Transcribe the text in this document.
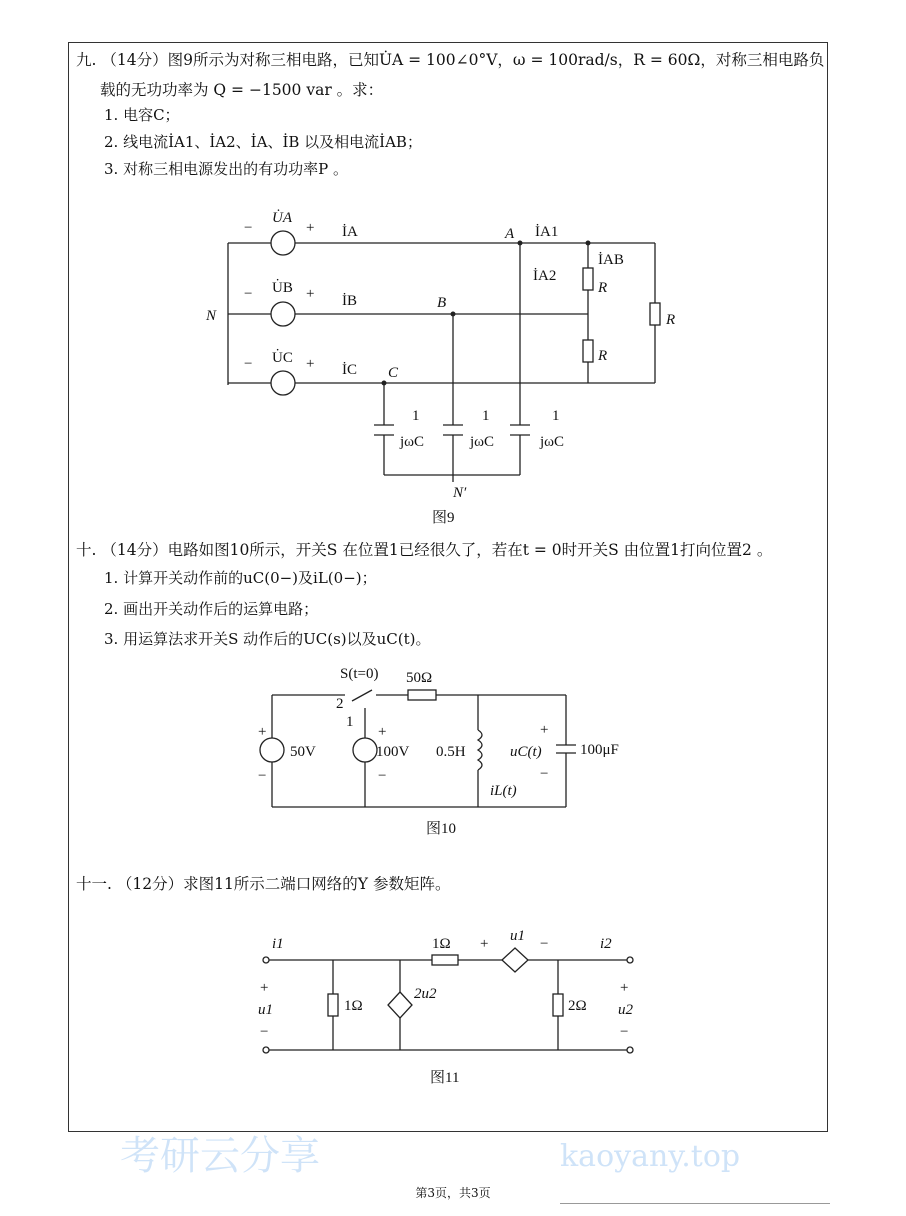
九. （14分）图9所示为对称三相电路，已知U̇A = 100∠0°V，ω = 100rad/s，R = 60Ω，对称三相电路负
载的无功功率为 Q = −1500 var 。求：
1. 电容C；
2. 线电流İA1、İA2、İA、İB 以及相电流İAB；
3. 对称三相电源发出的有功功率P 。
−
U̇A
+
− U̇B +
− U̇C +
İA
İB
İC
N
A
B
C
İA1
İA2
İAB
R
R
R
1
jωC
1
jωC
1
jωC
N′
图9
S(t=0)
2
1
50Ω
+
50V
−
+
100V
−
0.5H	uC(t)
+
−
100μF
iL(t)
图10
i1	i2
+
u1
−
+
u2
−
1Ω
1Ω
2Ω
2u2
+ u1 −
图11
十. （14分）电路如图10所示，开关S 在位置1已经很久了，若在t = 0时开关S 由位置1打向位置2 。
1. 计算开关动作前的uC(0−)及iL(0−)；
2. 画出开关动作后的运算电路；
3. 用运算法求开关S 动作后的UC(s)以及uC(t)。
十一. （12分）求图11所示二端口网络的Y 参数矩阵。
考研云分享	kaoyany.top
第3页，共3页
